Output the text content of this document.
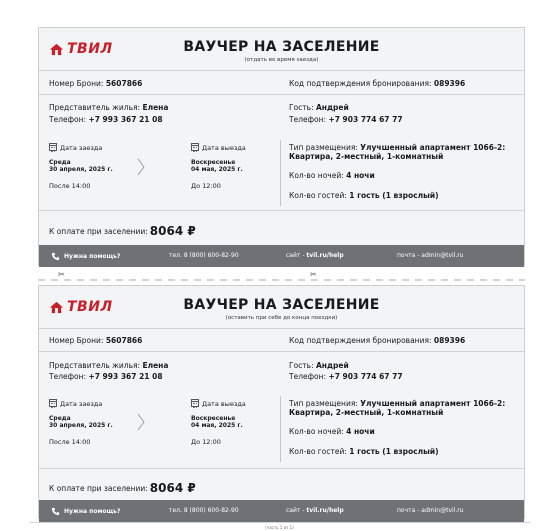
ТВИЛ	ВАУЧЕР НА ЗАСЕЛЕНИЕ
(отдать во время заезда)
Номер Брони: 5607866	Код подтверждения бронирования: 089396
Представитель жилья: Елена
Телефон: +7 993 367 21 08
Гость: Андрей
Телефон: +7 903 774 67 77
Дата заезда
Среда
30 апреля, 2025 г.
После 14:00
Дата выезда
Воскресенье
04 мая, 2025 г.
До 12:00
Тип размещения: Улучшенный апартамент 1066-2:
Квартира, 2-местный, 1-комнатный
Кол-во ночей: 4 ночи
Кол-во гостей: 1 гость (1 взрослый)
К оплате при заселении: 8064 ₽
Нужна помощь?	тел. 8 (800) 600-82-90	сайт - tvil.ru/help	почта - admin@tvil.ru
✂	✂
ТВИЛ	ВАУЧЕР НА ЗАСЕЛЕНИЕ
(оставить при себе до конца поездки)
Номер Брони: 5607866	Код подтверждения бронирования: 089396
Представитель жилья: Елена
Телефон: +7 993 367 21 08
Гость: Андрей
Телефон: +7 903 774 67 77
Дата заезда
Среда
30 апреля, 2025 г.
После 14:00
Дата выезда
Воскресенье
04 мая, 2025 г.
До 12:00
Тип размещения: Улучшенный апартамент 1066-2:
Квартира, 2-местный, 1-комнатный
Кол-во ночей: 4 ночи
Кол-во гостей: 1 гость (1 взрослый)
К оплате при заселении: 8064 ₽
Нужна помощь?	тел. 8 (800) 600-82-90	сайт - tvil.ru/help	почта - admin@tvil.ru
(часть 1 из 1)
